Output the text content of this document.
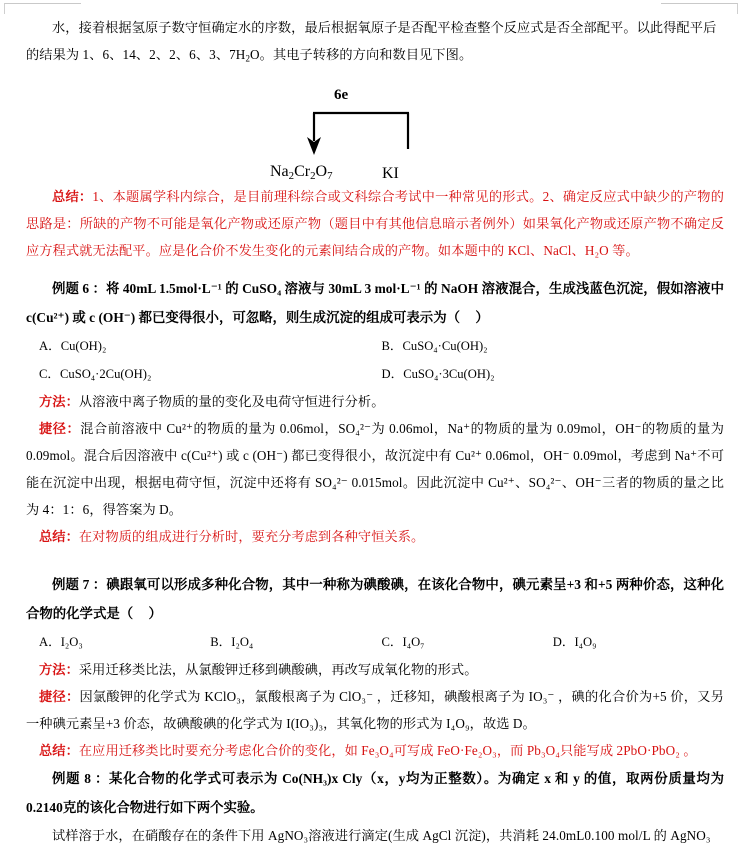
水，接着根据氢原子数守恒确定水的序数，最后根据氧原子是否配平检查整个反应式是否全部配平。以此得配平后

的结果为 1、6、14、2、2、6、3、$7H_2O$。其电子转移的方向和数目见下图。

6e
$Na_2Cr_2O_7$	KI

总结：1、本题属学科内综合，是目前理科综合或文科综合考试中一种常见的形式。2、确定反应式中缺少的产物的思路是：所缺的产物不可能是氧化产物或还原产物（题目中有其他信息暗示者例外）如果氧化产物或还原产物不确定反应方程式就无法配平。应是化合价不发生变化的元素间结合成的产物。如本题中的 KCl、NaCl、H₂O 等。

例题 6 ：将 40mL 1.5mol·L⁻¹ 的 CuSO₄ 溶液与 30mL 3 mol·L⁻¹ 的 NaOH 溶液混合，生成浅蓝色沉淀，假如溶液中 c(Cu²⁺) 或 c (OH⁻) 都已变得很小，可忽略，则生成沉淀的组成可表示为（ ）

A．Cu(OH)₂	B．CuSO₄·Cu(OH)₂
C．CuSO₄·2Cu(OH)₂	D．CuSO₄·3Cu(OH)₂

方法：从溶液中离子物质的量的变化及电荷守恒进行分析。

捷径：混合前溶液中 Cu²⁺的物质的量为 0.06mol，SO₄²⁻为 0.06mol，Na⁺的物质的量为 0.09mol，OH⁻的物质的量为 0.09mol。混合后因溶液中 c(Cu²⁺) 或 c (OH⁻) 都已变得很小，故沉淀中有 Cu²⁺ 0.06mol，OH⁻ 0.09mol，考虑到 Na⁺不可能在沉淀中出现，根据电荷守恒，沉淀中还将有 SO₄²⁻ 0.015mol。因此沉淀中 Cu²⁺、SO₄²⁻、OH⁻三者的物质的量之比为 4：1：6，得答案为 D。

总结：在对物质的组成进行分析时，要充分考虑到各种守恒关系。

例题 7 ：碘跟氧可以形成多种化合物，其中一种称为碘酸碘，在该化合物中，碘元素呈+3 和+5 两种价态，这种化合物的化学式是（ ）

A．I₂O₃	B．I₂O₄	C．I₄O₇	D．I₄O₉

方法：采用迁移类比法，从氯酸钾迁移到碘酸碘，再改写成氧化物的形式。

捷径：因氯酸钾的化学式为 KClO₃，氯酸根离子为 ClO₃⁻ ，迁移知，碘酸根离子为 IO₃⁻ ，碘的化合价为+5 价，又另一种碘元素呈+3 价态，故碘酸碘的化学式为 I(IO₃)₃，其氧化物的形式为 I₄O₉，故选 D。

总结：在应用迁移类比时要充分考虑化合价的变化，如 Fe₃O₄可写成 FeO·Fe₂O₃，而 Pb₃O₄只能写成 2PbO·PbO₂ 。

例题 8 ：某化合物的化学式可表示为 Co(NH₃)x Cly（x，y均为正整数）。为确定 x 和 y 的值，取两份质量均为 0.2140克的该化合物进行如下两个实验。

试样溶于水，在硝酸存在的条件下用 AgNO₃溶液进行滴定(生成 AgCl 沉淀)，共消耗 24.0mL0.100 mol/L 的 AgNO₃
